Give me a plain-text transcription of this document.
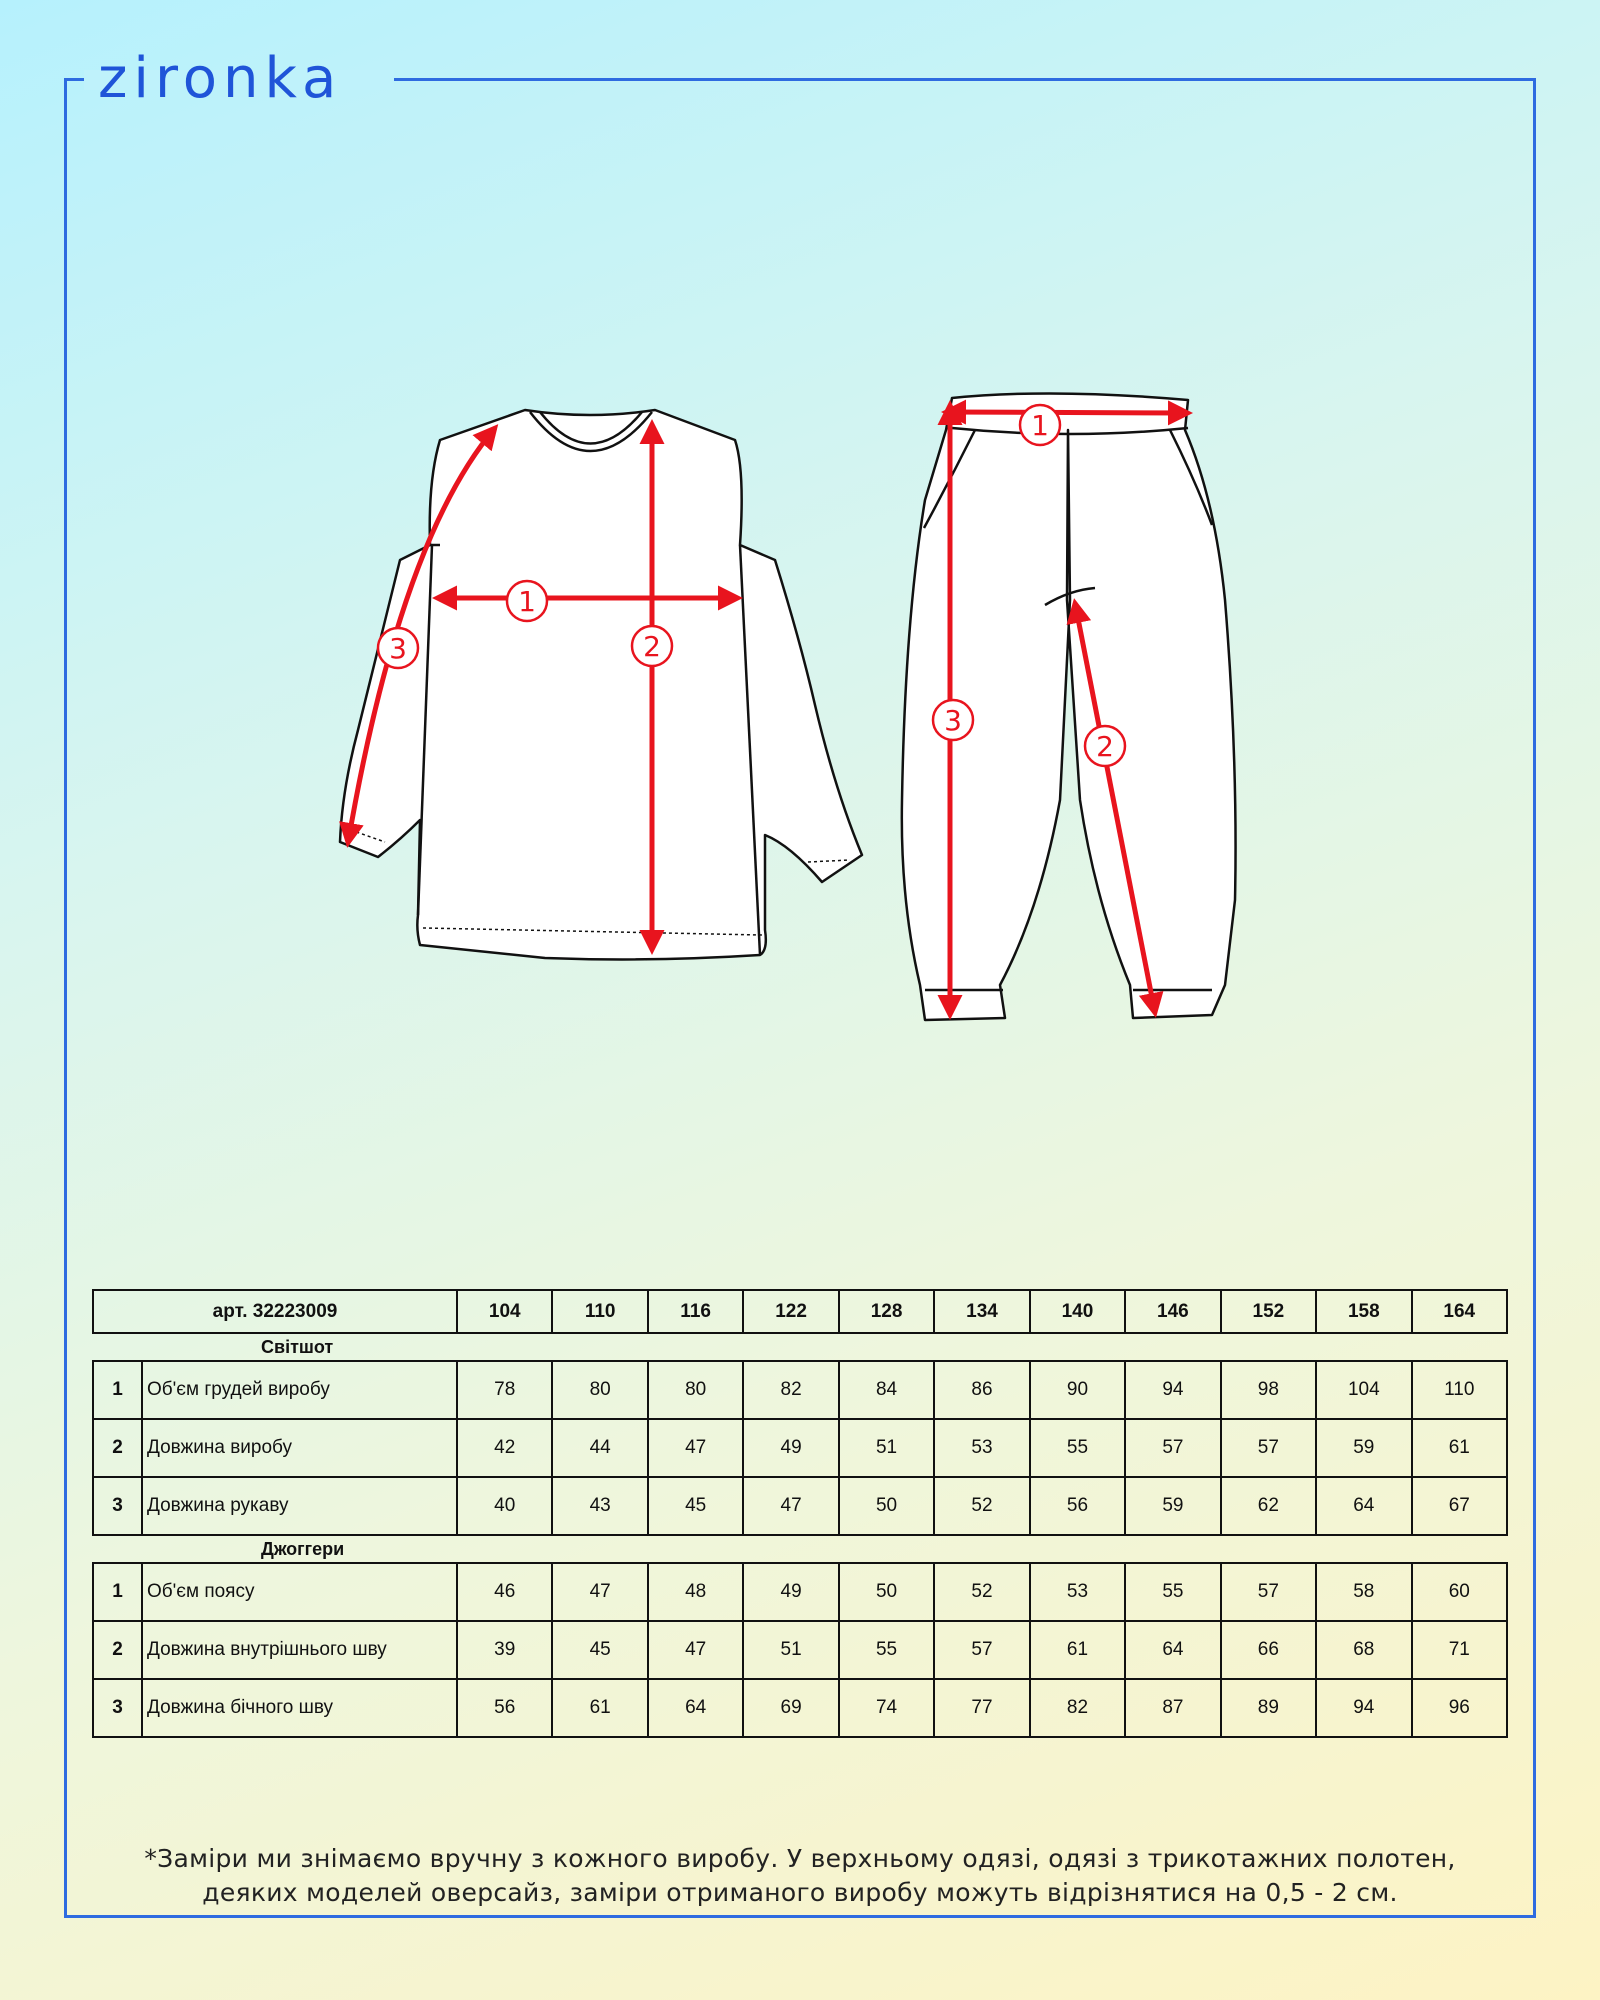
zironka
1
2
3
1
2
3
арт. 32223009		104	110	116	122	128	134	140	146	152	158	164
Світшот												
1	Об'єм грудей виробу	78	80	80	82	84	86	90	94	98	104	110
2	Довжина виробу	42	44	47	49	51	53	55	57	57	59	61
3	Довжина рукаву	40	43	45	47	50	52	56	59	62	64	67
Джоггери												
1	Об'єм поясу	46	47	48	49	50	52	53	55	57	58	60
2	Довжина внутрішнього шву	39	45	47	51	55	57	61	64	66	68	71
3	Довжина бічного шву	56	61	64	69	74	77	82	87	89	94	96
*Заміри ми знімаємо вручну з кожного виробу. У верхньому одязі, одязі з трикотажних полотен,
деяких моделей оверсайз, заміри отриманого виробу можуть відрізнятися на 0,5 - 2 см.
